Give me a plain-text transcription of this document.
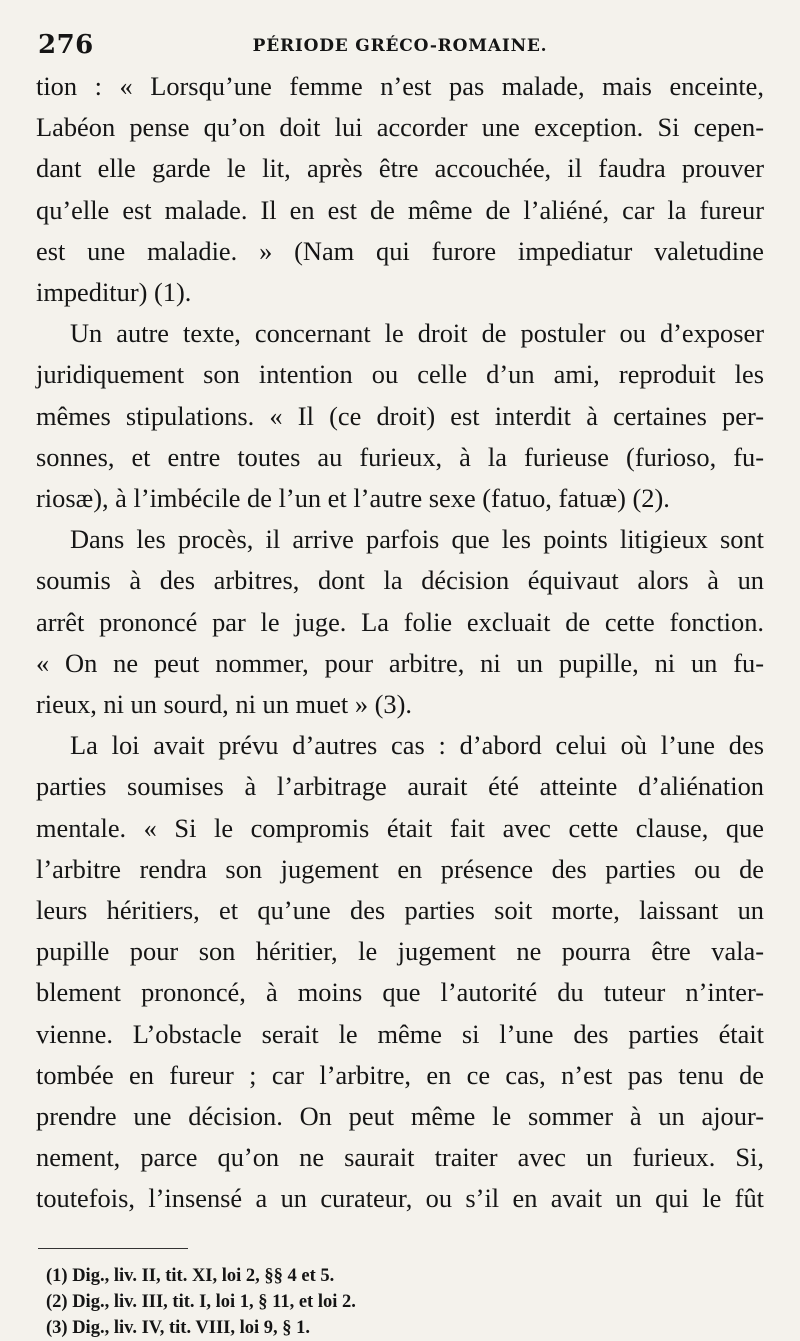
276	PÉRIODE GRÉCO-ROMAINE.

tion : « Lorsqu’une femme n’est pas malade, mais enceinte,
Labéon pense qu’on doit lui accorder une exception. Si cepen-
dant elle garde le lit, après être accouchée, il faudra prouver
qu’elle est malade. Il en est de même de l’aliéné, car la fureur
est une maladie. » (Nam qui furore impediatur valetudine
impeditur) (1).

Un autre texte, concernant le droit de postuler ou d’exposer
juridiquement son intention ou celle d’un ami, reproduit les
mêmes stipulations. « Il (ce droit) est interdit à certaines per-
sonnes, et entre toutes au furieux, à la furieuse (furioso, fu-
riosæ), à l’imbécile de l’un et l’autre sexe (fatuo, fatuæ) (2).

Dans les procès, il arrive parfois que les points litigieux sont
soumis à des arbitres, dont la décision équivaut alors à un
arrêt prononcé par le juge. La folie excluait de cette fonction.
« On ne peut nommer, pour arbitre, ni un pupille, ni un fu-
rieux, ni un sourd, ni un muet » (3).

La loi avait prévu d’autres cas : d’abord celui où l’une des
parties soumises à l’arbitrage aurait été atteinte d’aliénation
mentale. « Si le compromis était fait avec cette clause, que
l’arbitre rendra son jugement en présence des parties ou de
leurs héritiers, et qu’une des parties soit morte, laissant un
pupille pour son héritier, le jugement ne pourra être vala-
blement prononcé, à moins que l’autorité du tuteur n’inter-
vienne. L’obstacle serait le même si l’une des parties était
tombée en fureur ; car l’arbitre, en ce cas, n’est pas tenu de
prendre une décision. On peut même le sommer à un ajour-
nement, parce qu’on ne saurait traiter avec un furieux. Si,
toutefois, l’insensé a un curateur, ou s’il en avait un qui le fût

(1) Dig., liv. II, tit. XI, loi 2, §§ 4 et 5.
(2) Dig., liv. III, tit. I, loi 1, § 11, et loi 2.
(3) Dig., liv. IV, tit. VIII, loi 9, § 1.
